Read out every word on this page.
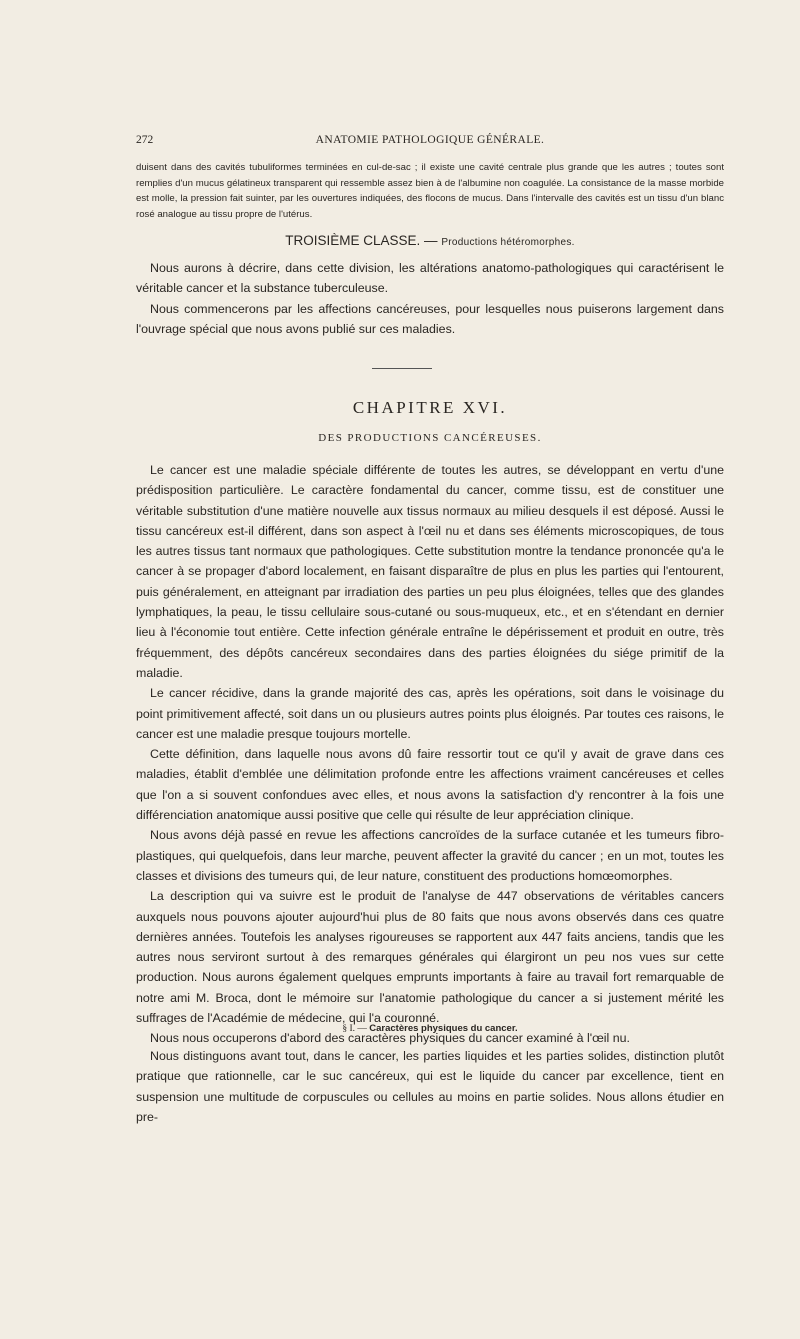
272	ANATOMIE PATHOLOGIQUE GÉNÉRALE.
duisent dans des cavités tubuliformes terminées en cul-de-sac ; il existe une cavité centrale plus grande que les autres ; toutes sont remplies d'un mucus gélatineux transparent qui ressemble assez bien à de l'albumine non coagulée. La consistance de la masse morbide est molle, la pression fait suinter, par les ouvertures indiquées, des flocons de mucus. Dans l'intervalle des cavités est un tissu d'un blanc rosé analogue au tissu propre de l'utérus.
TROISIÈME CLASSE. — Productions hétéromorphes.

Nous aurons à décrire, dans cette division, les altérations anatomo-pathologiques qui caractérisent le véritable cancer et la substance tuberculeuse.

Nous commencerons par les affections cancéreuses, pour lesquelles nous puiserons largement dans l'ouvrage spécial que nous avons publié sur ces maladies.

CHAPITRE XVI.
DES PRODUCTIONS CANCÉREUSES.

Le cancer est une maladie spéciale différente de toutes les autres, se développant en vertu d'une prédisposition particulière. Le caractère fondamental du cancer, comme tissu, est de constituer une véritable substitution d'une matière nouvelle aux tissus normaux au milieu desquels il est déposé. Aussi le tissu cancéreux est-il différent, dans son aspect à l'œil nu et dans ses éléments microscopiques, de tous les autres tissus tant normaux que pathologiques. Cette substitution montre la tendance prononcée qu'a le cancer à se propager d'abord localement, en faisant disparaître de plus en plus les parties qui l'entourent, puis généralement, en atteignant par irradiation des parties un peu plus éloignées, telles que des glandes lymphatiques, la peau, le tissu cellulaire sous-cutané ou sous-muqueux, etc., et en s'étendant en dernier lieu à l'économie tout entière. Cette infection générale entraîne le dépérissement et produit en outre, très fréquemment, des dépôts cancéreux secondaires dans des parties éloignées du siége primitif de la maladie.

Le cancer récidive, dans la grande majorité des cas, après les opérations, soit dans le voisinage du point primitivement affecté, soit dans un ou plusieurs autres points plus éloignés. Par toutes ces raisons, le cancer est une maladie presque toujours mortelle.

Cette définition, dans laquelle nous avons dû faire ressortir tout ce qu'il y avait de grave dans ces maladies, établit d'emblée une délimitation profonde entre les affections vraiment cancéreuses et celles que l'on a si souvent confondues avec elles, et nous avons la satisfaction d'y rencontrer à la fois une différenciation anatomique aussi positive que celle qui résulte de leur appréciation clinique.

Nous avons déjà passé en revue les affections cancroïdes de la surface cutanée et les tumeurs fibro-plastiques, qui quelquefois, dans leur marche, peuvent affecter la gravité du cancer ; en un mot, toutes les classes et divisions des tumeurs qui, de leur nature, constituent des productions homœomorphes.

La description qui va suivre est le produit de l'analyse de 447 observations de véritables cancers auxquels nous pouvons ajouter aujourd'hui plus de 80 faits que nous avons observés dans ces quatre dernières années. Toutefois les analyses rigoureuses se rapportent aux 447 faits anciens, tandis que les autres nous serviront surtout à des remarques générales qui élargiront un peu nos vues sur cette production. Nous aurons également quelques emprunts importants à faire au travail fort remarquable de notre ami M. Broca, dont le mémoire sur l'anatomie pathologique du cancer a si justement mérité les suffrages de l'Académie de médecine, qui l'a couronné.

Nous nous occuperons d'abord des caractères physiques du cancer examiné à l'œil nu.

§ I. — Caractères physiques du cancer.

Nous distinguons avant tout, dans le cancer, les parties liquides et les parties solides, distinction plutôt pratique que rationnelle, car le suc cancéreux, qui est le liquide du cancer par excellence, tient en suspension une multitude de corpuscules ou cellules au moins en partie solides. Nous allons étudier en pre-
